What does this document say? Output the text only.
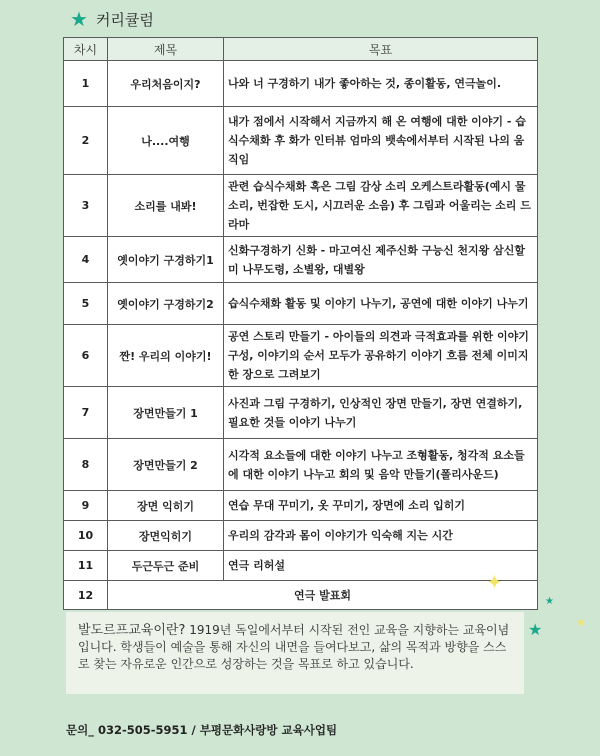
★ 커리큘럼
차시	제목	목표
1	우리처음이지?	나와 너 구경하기 내가 좋아하는 것, 종이활동, 연극놀이.
2	나....여행	내가 점에서 시작해서 지금까지 해 온 여행에 대한 이야기 - 습식수채화 후 화가 인터뷰 엄마의 뱃속에서부터 시작된 나의 움직임
3	소리를 내봐!	관련 습식수채화 혹은 그림 감상 소리 오케스트라활동(예시 물소리, 번잡한 도시, 시끄러운 소음) 후 그림과 어울리는 소리 드라마
4	옛이야기 구경하기1	신화구경하기 신화 - 마고여신 제주신화 구능신 천지왕 삼신할미 나무도령, 소별왕, 대별왕
5	옛이야기 구경하기2	습식수채화 활동 및 이야기 나누기, 공연에 대한 이야기 나누기
6	짠! 우리의 이야기!	공연 스토리 만들기 - 아이들의 의견과 극적효과를 위한 이야기 구성, 이야기의 순서 모두가 공유하기 이야기 흐름 전체 이미지 한 장으로 그려보기
7	장면만들기 1	사진과 그림 구경하기, 인상적인 장면 만들기, 장면 연결하기, 필요한 것들 이야기 나누기
8	장면만들기 2	시각적 요소들에 대한 이야기 나누고 조형활동, 청각적 요소들에 대한 이야기 나누고 회의 및 음악 만들기(폴리사운드)
9	장면 익히기	연습 무대 꾸미기, 옷 꾸미기, 장면에 소리 입히기
10	장면익히기	우리의 감각과 몸이 이야기가 익숙해 지는 시간
11	두근두근 준비	연극 리허설
12	연극 발표회	
✦
★
★	★
발도르프교육이란? 1919년 독일에서부터 시작된 전인 교육을 지향하는 교육이념입니다. 학생들이 예술을 통해 자신의 내면을 들여다보고, 삶의 목적과 방향을 스스로 찾는 자유로운 인간으로 성장하는 것을 목표로 하고 있습니다.
문의_ 032-505-5951 / 부평문화사랑방 교육사업팀
